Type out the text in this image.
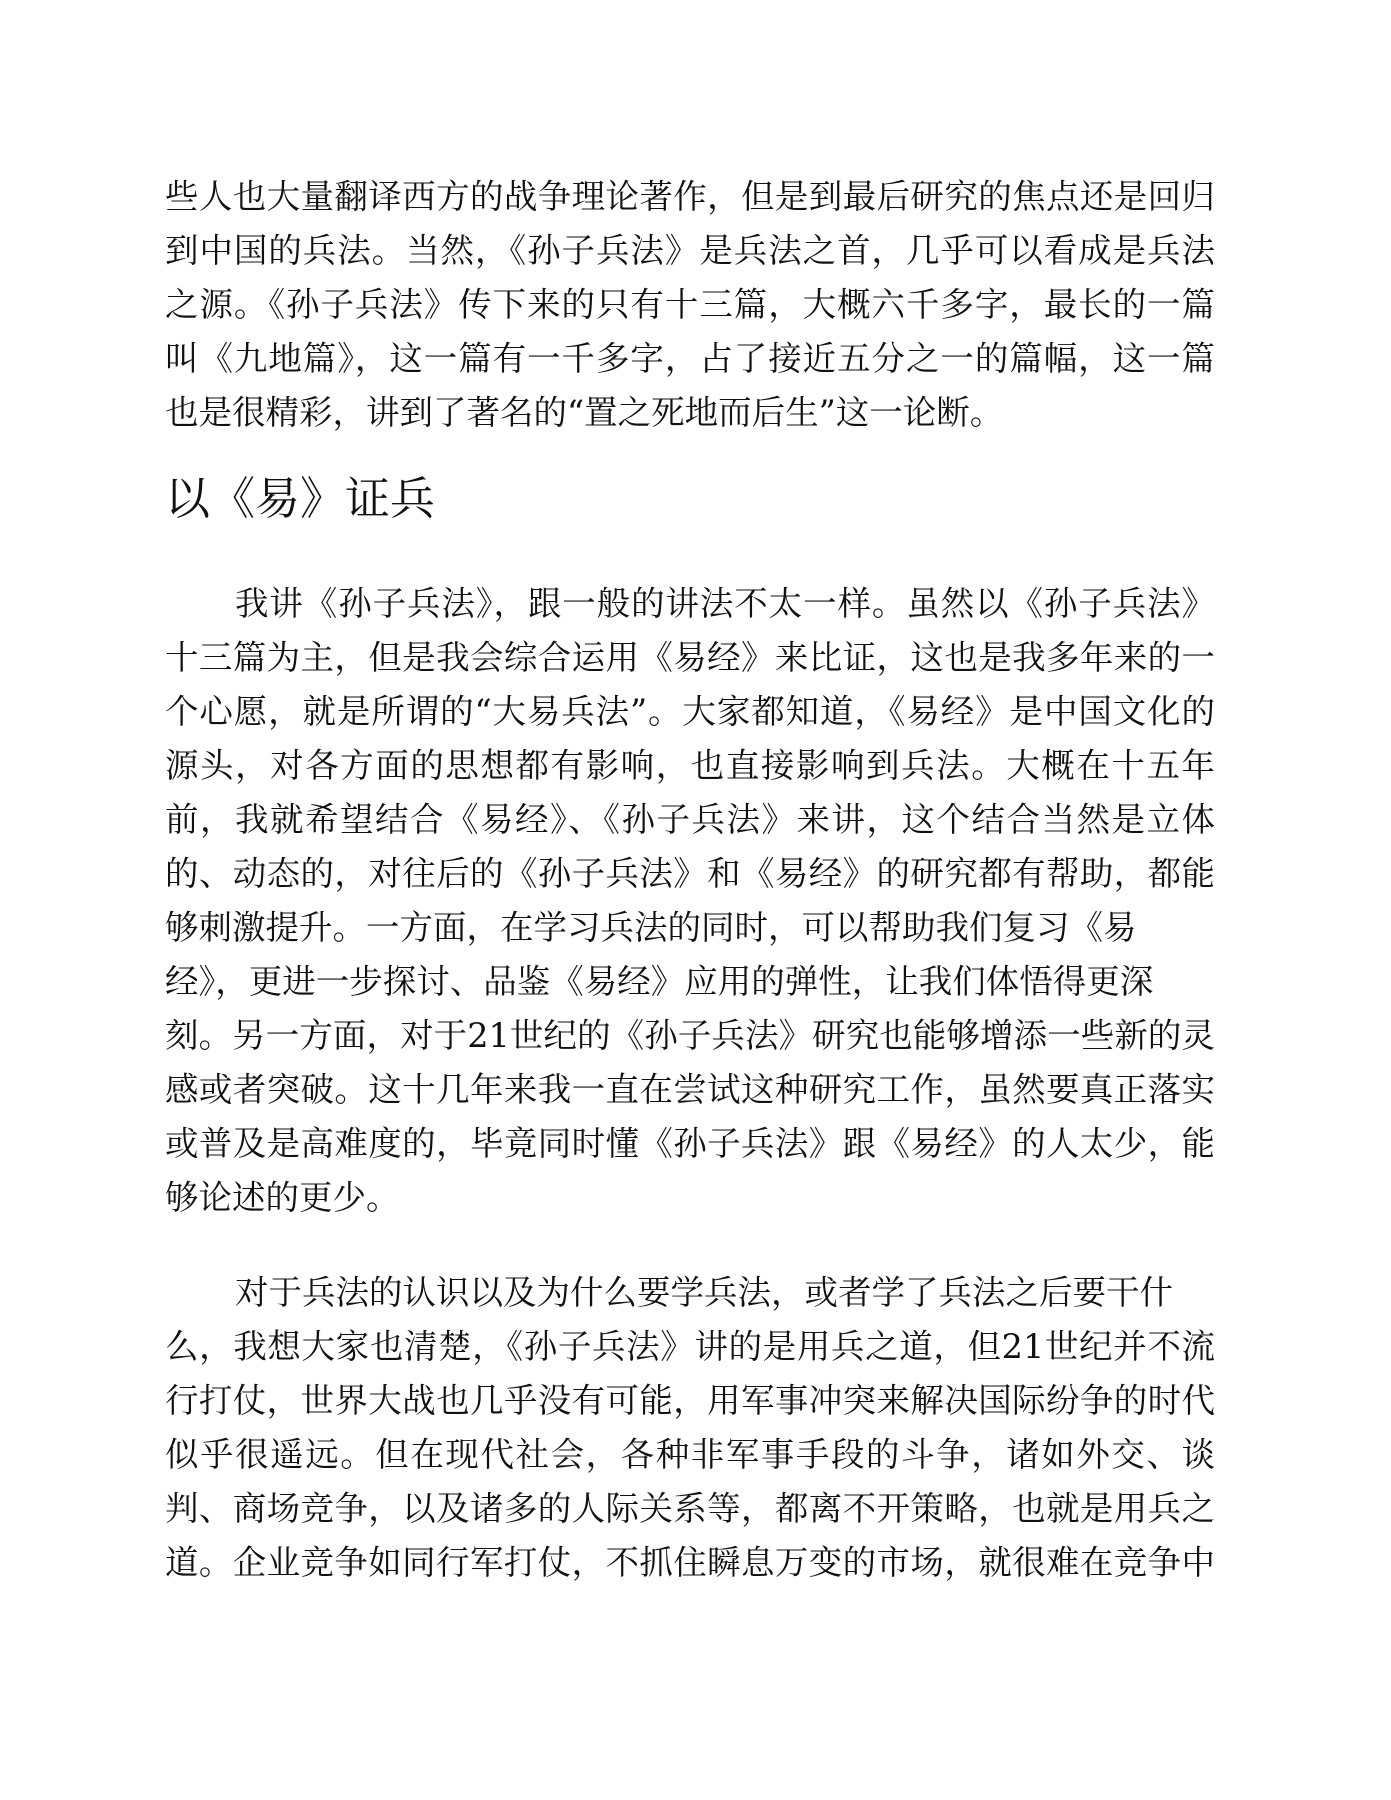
些人也大量翻译西方的战争理论著作，但是到最后研究的焦点还是回归
到中国的兵法。当然，《孙子兵法》是兵法之首，几乎可以看成是兵法
之源。《孙子兵法》传下来的只有十三篇，大概六千多字，最长的一篇
叫《九地篇》，这一篇有一千多字，占了接近五分之一的篇幅，这一篇
也是很精彩，讲到了著名的“置之死地而后生”这一论断。
以《易》证兵
我讲《孙子兵法》，跟一般的讲法不太一样。虽然以《孙子兵法》
十三篇为主，但是我会综合运用《易经》来比证，这也是我多年来的一
个心愿，就是所谓的“大易兵法”。大家都知道，《易经》是中国文化的
源头，对各方面的思想都有影响，也直接影响到兵法。大概在十五年
前，我就希望结合《易经》、《孙子兵法》来讲，这个结合当然是立体
的、动态的，对往后的《孙子兵法》和《易经》的研究都有帮助，都能
够刺激提升。一方面，在学习兵法的同时，可以帮助我们复习《易
经》，更进一步探讨、品鉴《易经》应用的弹性，让我们体悟得更深
刻。另一方面，对于21世纪的《孙子兵法》研究也能够增添一些新的灵
感或者突破。这十几年来我一直在尝试这种研究工作，虽然要真正落实
或普及是高难度的，毕竟同时懂《孙子兵法》跟《易经》的人太少，能
够论述的更少。
对于兵法的认识以及为什么要学兵法，或者学了兵法之后要干什
么，我想大家也清楚，《孙子兵法》讲的是用兵之道，但21世纪并不流
行打仗，世界大战也几乎没有可能，用军事冲突来解决国际纷争的时代
似乎很遥远。但在现代社会，各种非军事手段的斗争，诸如外交、谈
判、商场竞争，以及诸多的人际关系等，都离不开策略，也就是用兵之
道。企业竞争如同行军打仗，不抓住瞬息万变的市场，就很难在竞争中
